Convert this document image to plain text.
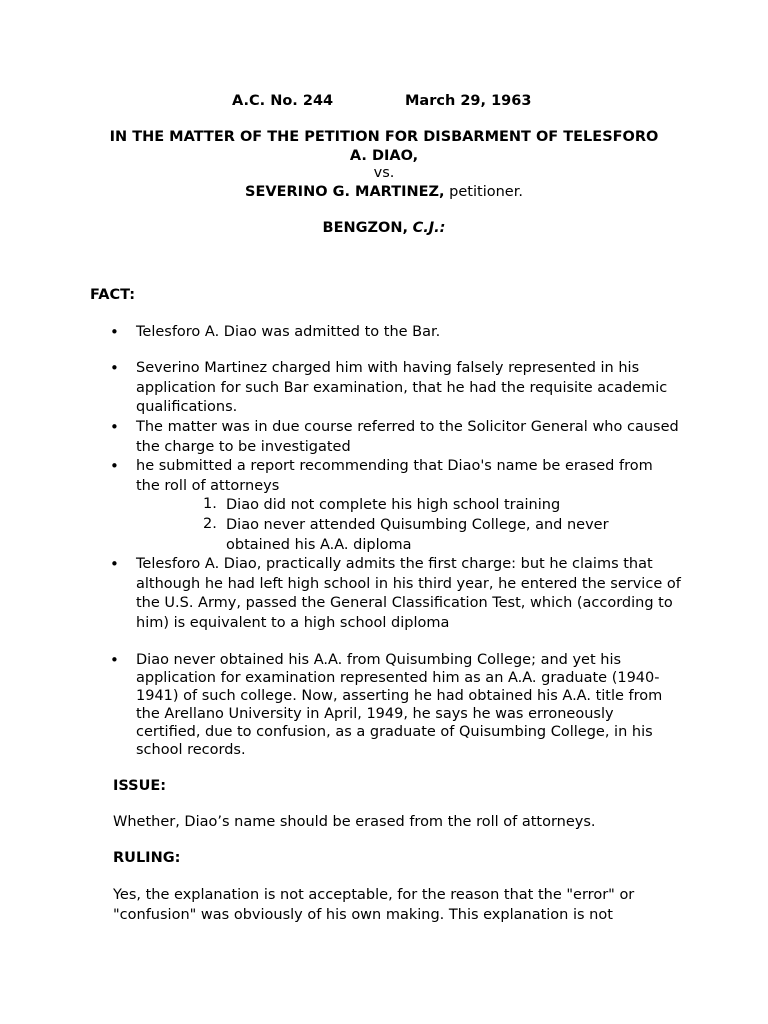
A.C. No. 244	March 29, 1963
IN THE MATTER OF THE PETITION FOR DISBARMENT OF TELESFORO
A. DIAO,
vs.
SEVERINO G. MARTINEZ, petitioner.
BENGZON, C.J.:
FACT:
• Telesforo A. Diao was admitted to the Bar.
• Severino Martinez charged him with having falsely represented in his application for such Bar examination, that he had the requisite academic qualifications.
• The matter was in due course referred to the Solicitor General who caused the charge to be investigated
• he submitted a report recommending that Diao's name be erased from the roll of attorneys
1. Diao did not complete his high school training
2. Diao never attended Quisumbing College, and never obtained his A.A. diploma
• Telesforo A. Diao, practically admits the first charge: but he claims that although he had left high school in his third year, he entered the service of the U.S. Army, passed the General Classification Test, which (according to him) is equivalent to a high school diploma
• Diao never obtained his A.A. from Quisumbing College; and yet his application for examination represented him as an A.A. graduate (1940-1941) of such college. Now, asserting he had obtained his A.A. title from the Arellano University in April, 1949, he says he was erroneously certified, due to confusion, as a graduate of Quisumbing College, in his school records.
ISSUE:
Whether, Diao’s name should be erased from the roll of attorneys.
RULING:
Yes, the explanation is not acceptable, for the reason that the "error" or "confusion" was obviously of his own making. This explanation is not
